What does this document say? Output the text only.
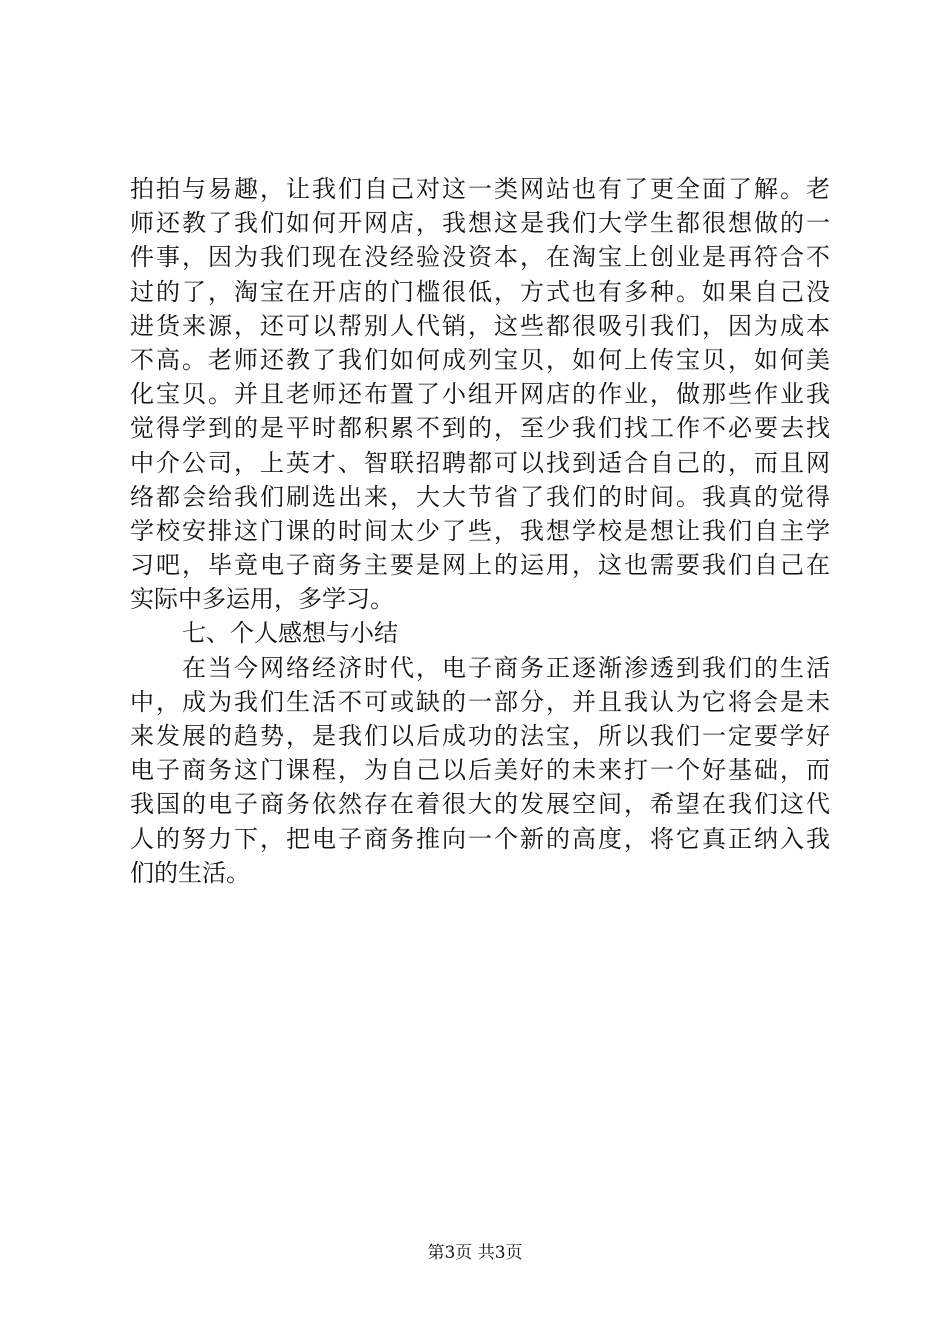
拍拍与易趣，让我们自己对这一类网站也有了更全面了解。老
师还教了我们如何开网店，我想这是我们大学生都很想做的一
件事，因为我们现在没经验没资本，在淘宝上创业是再符合不
过的了，淘宝在开店的门槛很低，方式也有多种。如果自己没
进货来源，还可以帮别人代销，这些都很吸引我们，因为成本
不高。老师还教了我们如何成列宝贝，如何上传宝贝，如何美
化宝贝。并且老师还布置了小组开网店的作业，做那些作业我
觉得学到的是平时都积累不到的，至少我们找工作不必要去找
中介公司，上英才、智联招聘都可以找到适合自己的，而且网
络都会给我们刷选出来，大大节省了我们的时间。我真的觉得
学校安排这门课的时间太少了些，我想学校是想让我们自主学
习吧，毕竟电子商务主要是网上的运用，这也需要我们自己在
实际中多运用，多学习。
七、个人感想与小结
在当今网络经济时代，电子商务正逐渐渗透到我们的生活
中，成为我们生活不可或缺的一部分，并且我认为它将会是未
来发展的趋势，是我们以后成功的法宝，所以我们一定要学好
电子商务这门课程，为自己以后美好的未来打一个好基础，而
我国的电子商务依然存在着很大的发展空间，希望在我们这代
人的努力下，把电子商务推向一个新的高度，将它真正纳入我
们的生活。
第3页 共3页
